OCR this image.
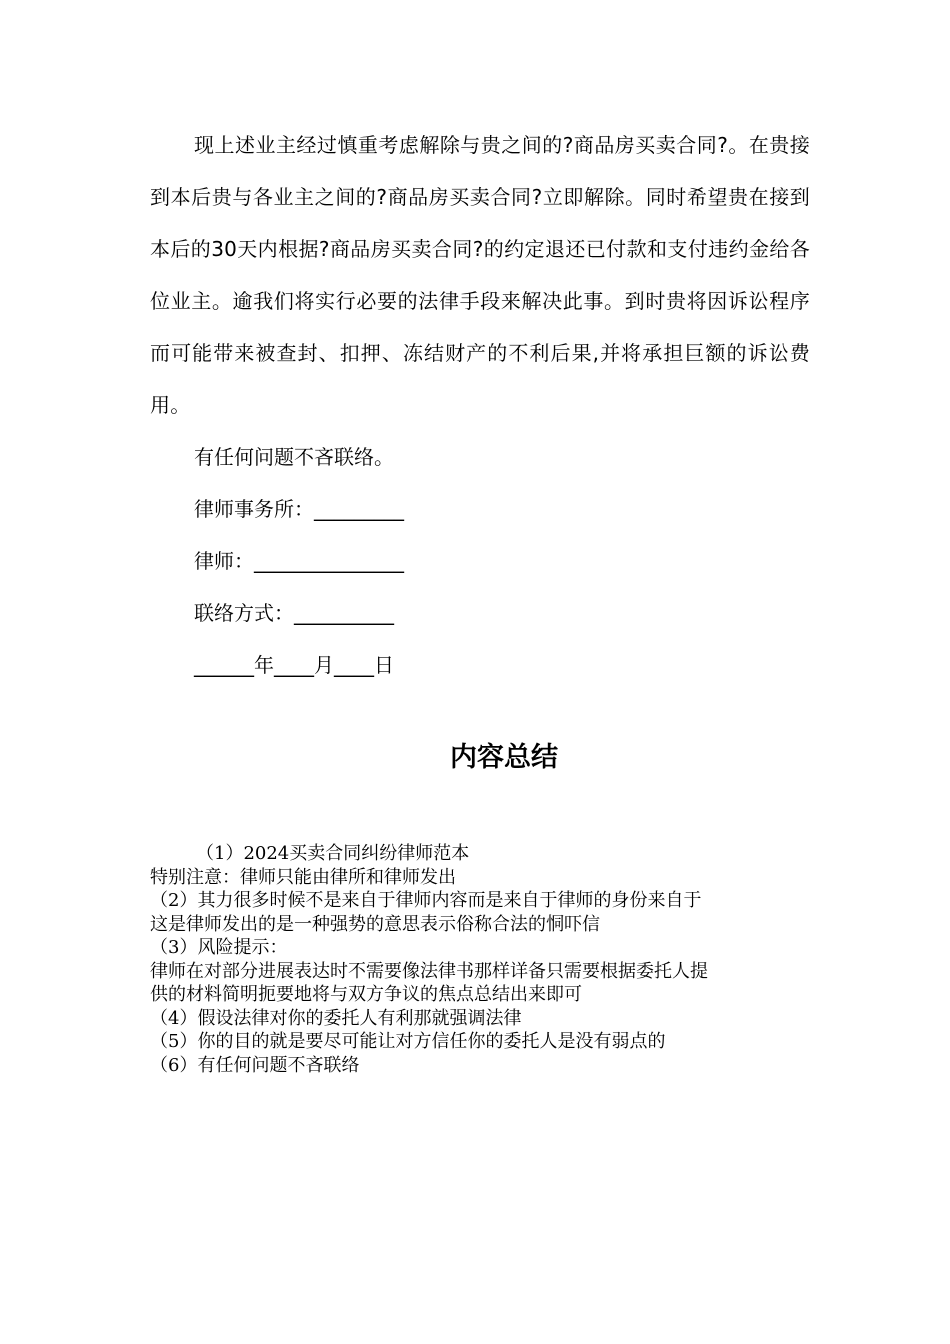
现上述业主经过慎重考虑解除与贵之间的?商品房买卖合同?。在贵接到本后贵与各业主之间的?商品房买卖合同?立即解除。同时希望贵在接到本后的30天内根据?商品房买卖合同?的约定退还已付款和支付违约金给各位业主。逾我们将实行必要的法律手段来解决此事。到时贵将因诉讼程序而可能带来被查封、扣押、冻结财产的不利后果,并将承担巨额的诉讼费用。

有任何问题不吝联络。

律师事务所：_________

律师：_______________

联络方式：__________

______年____月____日

内容总结

（1）2024买卖合同纠纷律师范本

特别注意：律师只能由律所和律师发出

（2）其力很多时候不是来自于律师内容而是来自于律师的身份来自于

这是律师发出的是一种强势的意思表示俗称合法的恫吓信

（3）风险提示：

律师在对部分进展表达时不需要像法律书那样详备只需要根据委托人提

供的材料简明扼要地将与双方争议的焦点总结出来即可

（4）假设法律对你的委托人有利那就强调法律

（5）你的目的就是要尽可能让对方信任你的委托人是没有弱点的

（6）有任何问题不吝联络
